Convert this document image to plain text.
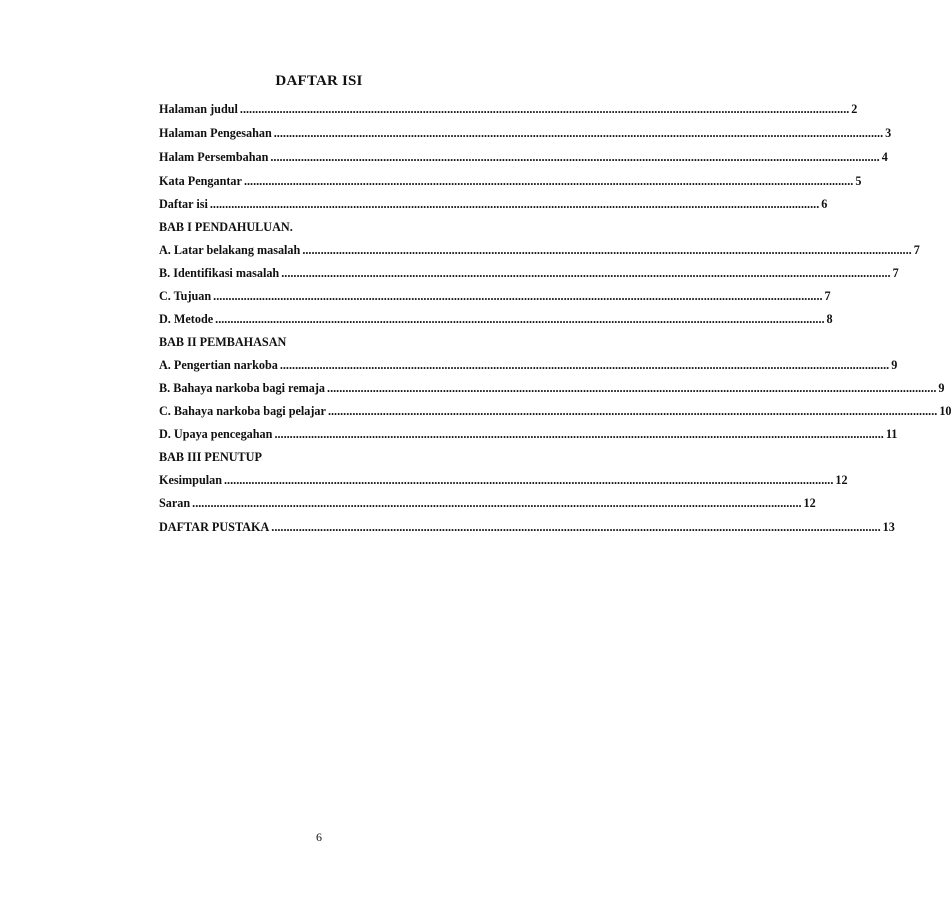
DAFTAR ISI
Halaman judul ........................................................................................................................................................................................................ 2
Halaman Pengesahan ........................................................................................................................................................................................................ 3
Halam Persembahan ........................................................................................................................................................................................................ 4
Kata Pengantar ........................................................................................................................................................................................................ 5
Daftar isi ........................................................................................................................................................................................................ 6
BAB I PENDAHULUAN.
A. Latar belakang masalah ........................................................................................................................................................................................................ 7
B. Identifikasi masalah ........................................................................................................................................................................................................ 7
C. Tujuan ........................................................................................................................................................................................................ 7
D. Metode ........................................................................................................................................................................................................ 8
BAB II PEMBAHASAN
A. Pengertian narkoba ........................................................................................................................................................................................................ 9
B. Bahaya narkoba bagi remaja ........................................................................................................................................................................................................ 9
C. Bahaya narkoba bagi pelajar ........................................................................................................................................................................................................ 10
D. Upaya pencegahan ........................................................................................................................................................................................................ 11
BAB III PENUTUP
Kesimpulan ........................................................................................................................................................................................................ 12
Saran ........................................................................................................................................................................................................ 12
DAFTAR PUSTAKA ........................................................................................................................................................................................................ 13
6
